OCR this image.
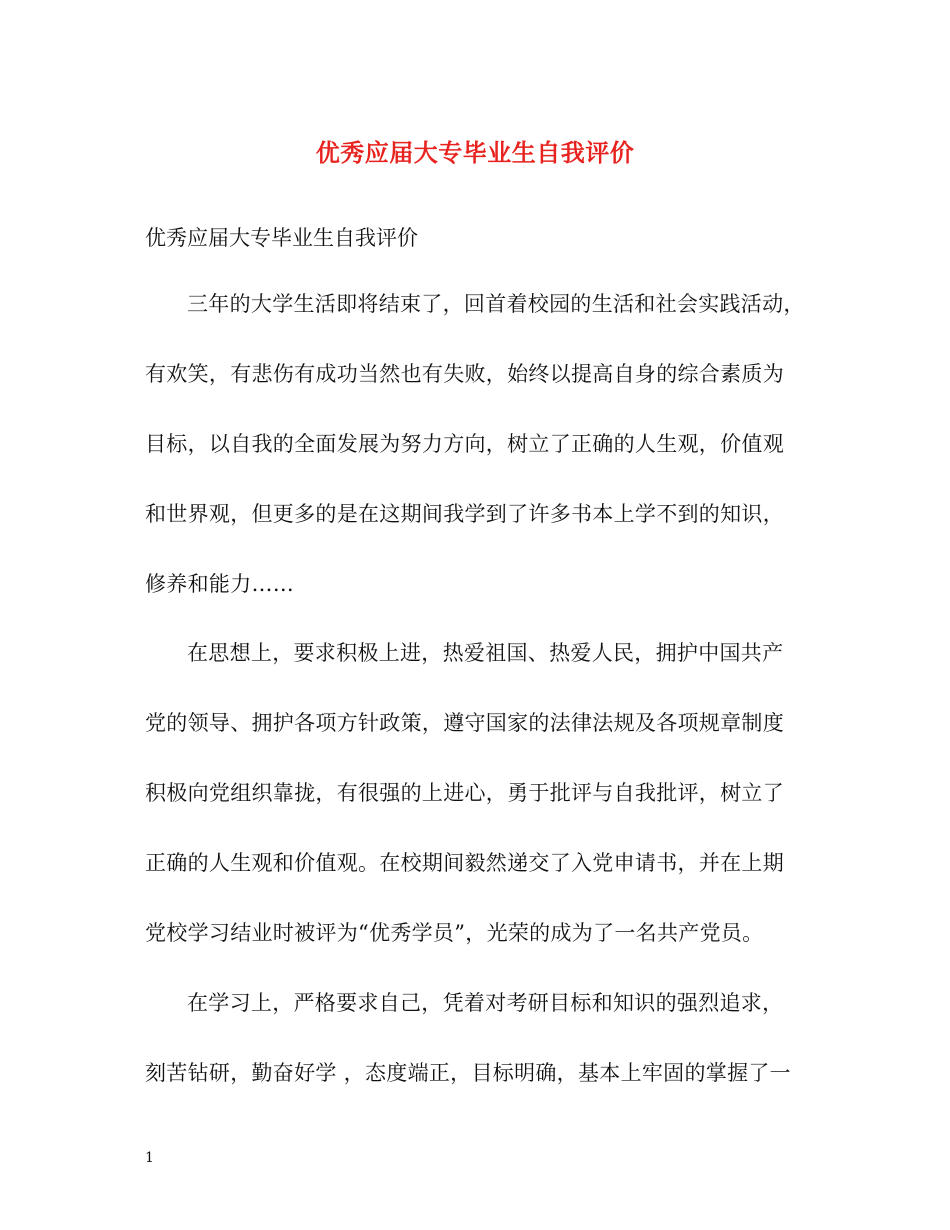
优秀应届大专毕业生自我评价
优秀应届大专毕业生自我评价
三年的大学生活即将结束了，回首着校园的生活和社会实践活动，
有欢笑，有悲伤有成功当然也有失败，始终以提高自身的综合素质为
目标，以自我的全面发展为努力方向，树立了正确的人生观，价值观
和世界观，但更多的是在这期间我学到了许多书本上学不到的知识，
修养和能力……
在思想上，要求积极上进，热爱祖国、热爱人民，拥护中国共产
党的领导、拥护各项方针政策，遵守国家的法律法规及各项规章制度
积极向党组织靠拢，有很强的上进心，勇于批评与自我批评，树立了
正确的人生观和价值观。在校期间毅然递交了入党申请书，并在上期
党校学习结业时被评为“优秀学员”，光荣的成为了一名共产党员。
在学习上，严格要求自己，凭着对考研目标和知识的强烈追求，
刻苦钻研，勤奋好学 ，态度端正，目标明确，基本上牢固的掌握了一
1
